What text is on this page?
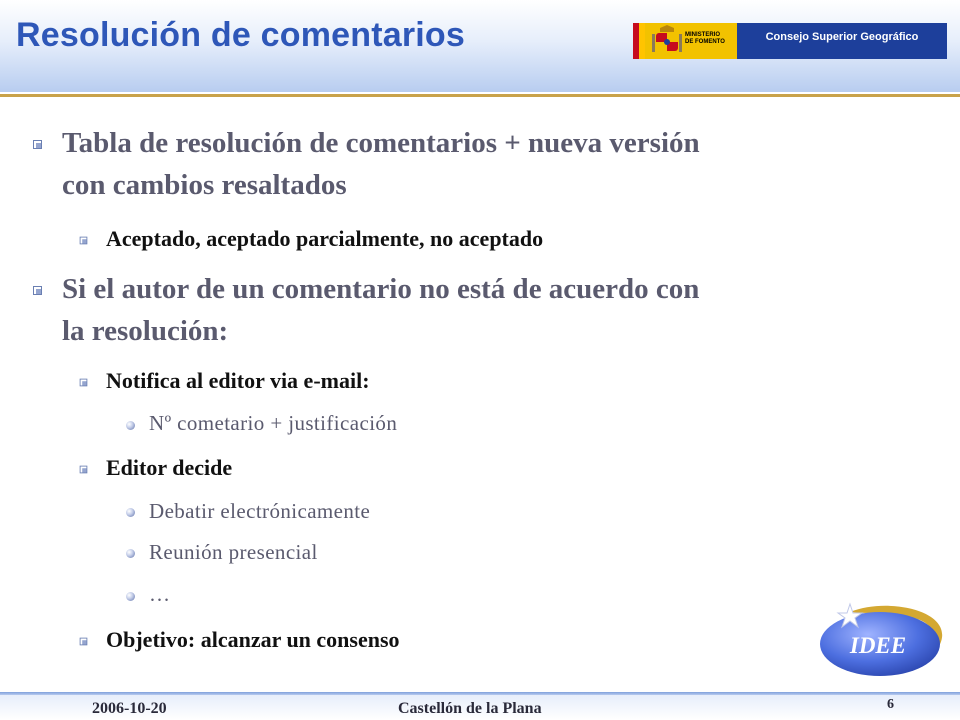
Resolución de comentarios	MINISTERIO
DE FOMENTO	Consejo Superior Geográfico
Tabla de resolución de comentarios + nueva versión
con cambios resaltados
Aceptado, aceptado parcialmente, no aceptado
Si el autor de un comentario no está de acuerdo con
la resolución:
Notifica al editor via e-mail:
Nº cometario + justificación
Editor decide
Debatir electrónicamente
Reunión presencial
…
Objetivo: alcanzar un consenso	IDEE
2006-10-20	Castellón de la Plana	6
